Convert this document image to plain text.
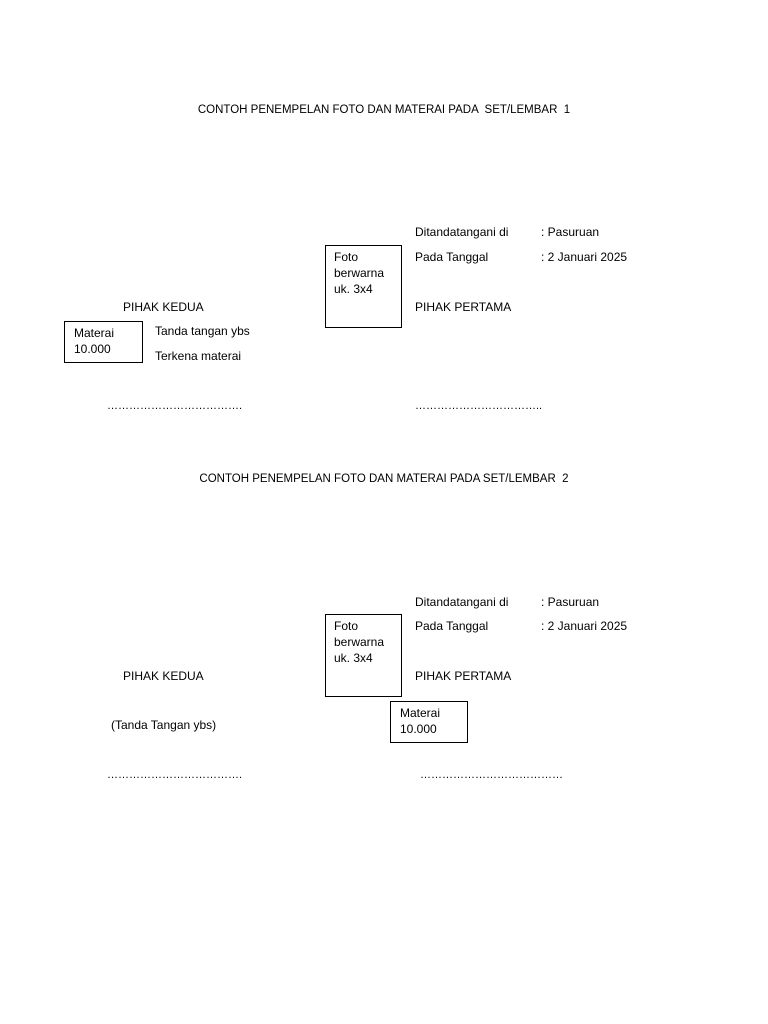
CONTOH PENEMPELAN FOTO DAN MATERAI PADA  SET/LEMBAR  1
Ditandatangani di	: Pasuruan
Foto
berwarna
uk. 3x4
Pada Tanggal	: 2 Januari 2025
PIHAK KEDUA	PIHAK PERTAMA
Materai
10.000
Tanda tangan ybs
Terkena materai
……………………………….	……………………………..
CONTOH PENEMPELAN FOTO DAN MATERAI PADA SET/LEMBAR  2
Ditandatangani di	: Pasuruan
Foto
berwarna
uk. 3x4
Pada Tanggal	: 2 Januari 2025
PIHAK KEDUA	PIHAK PERTAMA
Materai
10.000
(Tanda Tangan ybs)
……………………………….	…………………………………
